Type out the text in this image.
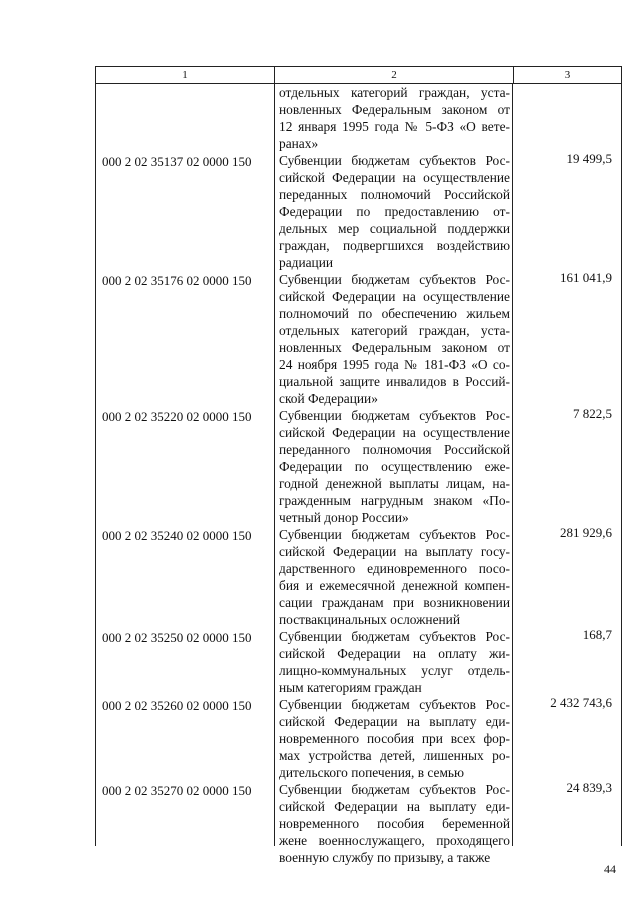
1	2	3
000 2 02 35137 02 0000 150
000 2 02 35176 02 0000 150
000 2 02 35220 02 0000 150
000 2 02 35240 02 0000 150
000 2 02 35250 02 0000 150
000 2 02 35260 02 0000 150
000 2 02 35270 02 0000 150
отдельных категорий граждан, уста-
новленных Федеральным законом от
12 января 1995 года № 5-ФЗ «О вете-
ранах»
Субвенции бюджетам субъектов Рос-
сийской Федерации на осуществление
переданных полномочий Российской
Федерации по предоставлению от-
дельных мер социальной поддержки
граждан, подвергшихся воздействию
радиации
Субвенции бюджетам субъектов Рос-
сийской Федерации на осуществление
полномочий по обеспечению жильем
отдельных категорий граждан, уста-
новленных Федеральным законом от
24 ноября 1995 года № 181-ФЗ «О со-
циальной защите инвалидов в Россий-
ской Федерации»
Субвенции бюджетам субъектов Рос-
сийской Федерации на осуществление
переданного полномочия Российской
Федерации по осуществлению еже-
годной денежной выплаты лицам, на-
гражденным нагрудным знаком «По-
четный донор России»
Субвенции бюджетам субъектов Рос-
сийской Федерации на выплату госу-
дарственного единовременного посо-
бия и ежемесячной денежной компен-
сации гражданам при возникновении
поствакцинальных осложнений
Субвенции бюджетам субъектов Рос-
сийской Федерации на оплату жи-
лищно-коммунальных услуг отдель-
ным категориям граждан
Субвенции бюджетам субъектов Рос-
сийской Федерации на выплату еди-
новременного пособия при всех фор-
мах устройства детей, лишенных ро-
дительского попечения, в семью
Субвенции бюджетам субъектов Рос-
сийской Федерации на выплату еди-
новременного пособия беременной
жене военнослужащего, проходящего
военную службу по призыву, а также
19 499,5
161 041,9
7 822,5
281 929,6
168,7
2 432 743,6
24 839,3
44
